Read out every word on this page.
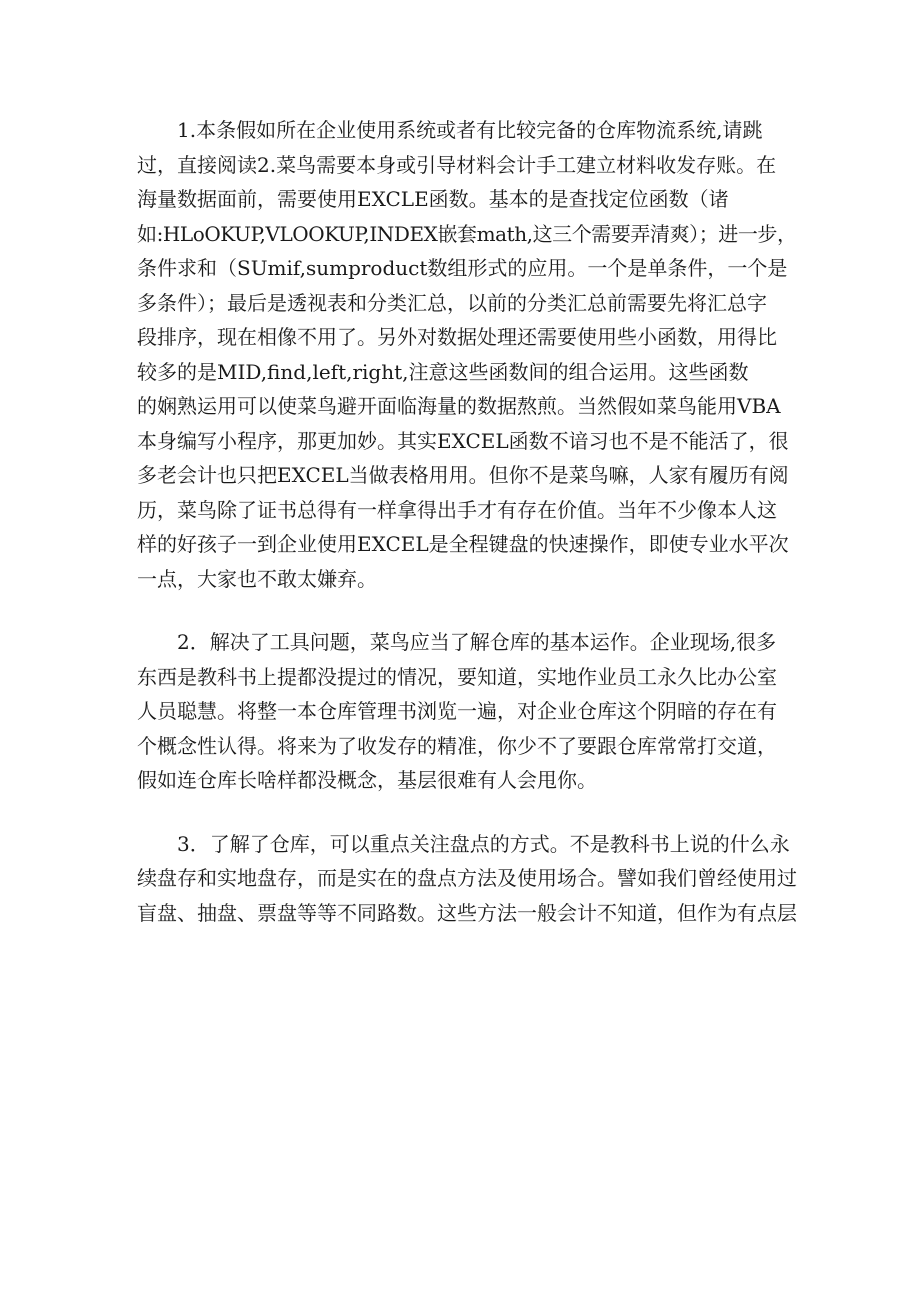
　　1.本条假如所在企业使用系统或者有比较完备的仓库物流系统,请跳
过，直接阅读2.菜鸟需要本身或引导材料会计手工建立材料收发存账。在
海量数据面前，需要使用EXCLE函数。基本的是查找定位函数（诸
如:HLoOKUP,VLOOKUP,INDEX嵌套math,这三个需要弄清爽）；进一步，
条件求和（SUmif,sumproduct数组形式的应用。一个是单条件，一个是
多条件）；最后是透视表和分类汇总，以前的分类汇总前需要先将汇总字
段排序，现在相像不用了。另外对数据处理还需要使用些小函数，用得比
较多的是MID,find,left,right,注意这些函数间的组合运用。这些函数
的娴熟运用可以使菜鸟避开面临海量的数据熬煎。当然假如菜鸟能用VBA
本身编写小程序，那更加妙。其实EXCEL函数不谙习也不是不能活了，很
多老会计也只把EXCEL当做表格用用。但你不是菜鸟嘛，人家有履历有阅
历，菜鸟除了证书总得有一样拿得出手才有存在价值。当年不少像本人这
样的好孩子一到企业使用EXCEL是全程键盘的快速操作，即使专业水平次
一点，大家也不敢太嫌弃。

　　2．解决了工具问题，菜鸟应当了解仓库的基本运作。企业现场,很多
东西是教科书上提都没提过的情况，要知道，实地作业员工永久比办公室
人员聪慧。将整一本仓库管理书浏览一遍，对企业仓库这个阴暗的存在有
个概念性认得。将来为了收发存的精准，你少不了要跟仓库常常打交道，
假如连仓库长啥样都没概念，基层很难有人会甩你。

　　3．了解了仓库，可以重点关注盘点的方式。不是教科书上说的什么永
续盘存和实地盘存，而是实在的盘点方法及使用场合。譬如我们曾经使用过
盲盘、抽盘、票盘等等不同路数。这些方法一般会计不知道，但作为有点层
